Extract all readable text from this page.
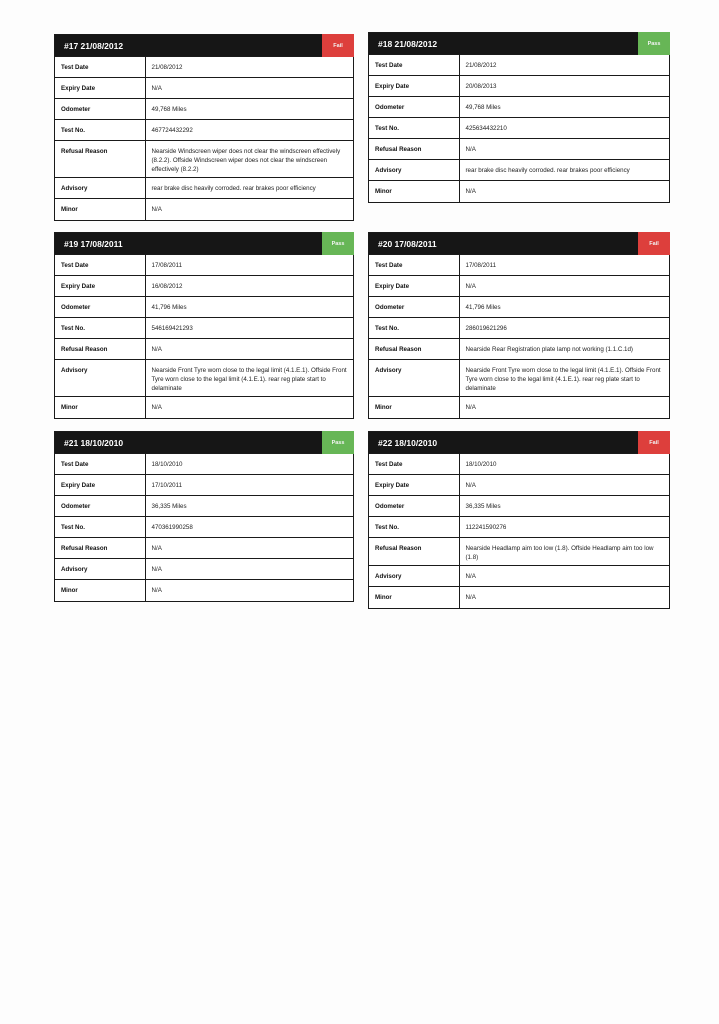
#17 21/08/2012	Fail
Test Date	21/08/2012
Expiry Date	N/A
Odometer	49,768 Miles
Test No.	467724432292
Refusal Reason	Nearside Windscreen wiper does not clear the windscreen effectively (8.2.2). Offside Windscreen wiper does not clear the windscreen effectively (8.2.2)
Advisory	rear brake disc heavily corroded. rear brakes poor efficiency
Minor	N/A
#18 21/08/2012	Pass
Test Date	21/08/2012
Expiry Date	20/08/2013
Odometer	49,768 Miles
Test No.	425634432210
Refusal Reason	N/A
Advisory	rear brake disc heavily corroded. rear brakes poor efficiency
Minor	N/A
#19 17/08/2011	Pass
Test Date	17/08/2011
Expiry Date	16/08/2012
Odometer	41,796 Miles
Test No.	546169421293
Refusal Reason	N/A
Advisory	Nearside Front Tyre worn close to the legal limit (4.1.E.1). Offside Front Tyre worn close to the legal limit (4.1.E.1). rear reg plate start to delaminate
Minor	N/A
#20 17/08/2011	Fail
Test Date	17/08/2011
Expiry Date	N/A
Odometer	41,796 Miles
Test No.	286019621296
Refusal Reason	Nearside Rear Registration plate lamp not working (1.1.C.1d)
Advisory	Nearside Front Tyre worn close to the legal limit (4.1.E.1). Offside Front Tyre worn close to the legal limit (4.1.E.1). rear reg plate start to delaminate
Minor	N/A
#21 18/10/2010	Pass
Test Date	18/10/2010
Expiry Date	17/10/2011
Odometer	36,335 Miles
Test No.	470361990258
Refusal Reason	N/A
Advisory	N/A
Minor	N/A
#22 18/10/2010	Fail
Test Date	18/10/2010
Expiry Date	N/A
Odometer	36,335 Miles
Test No.	112241590276
Refusal Reason	Nearside Headlamp aim too low (1.8). Offside Headlamp aim too low (1.8)
Advisory	N/A
Minor	N/A
